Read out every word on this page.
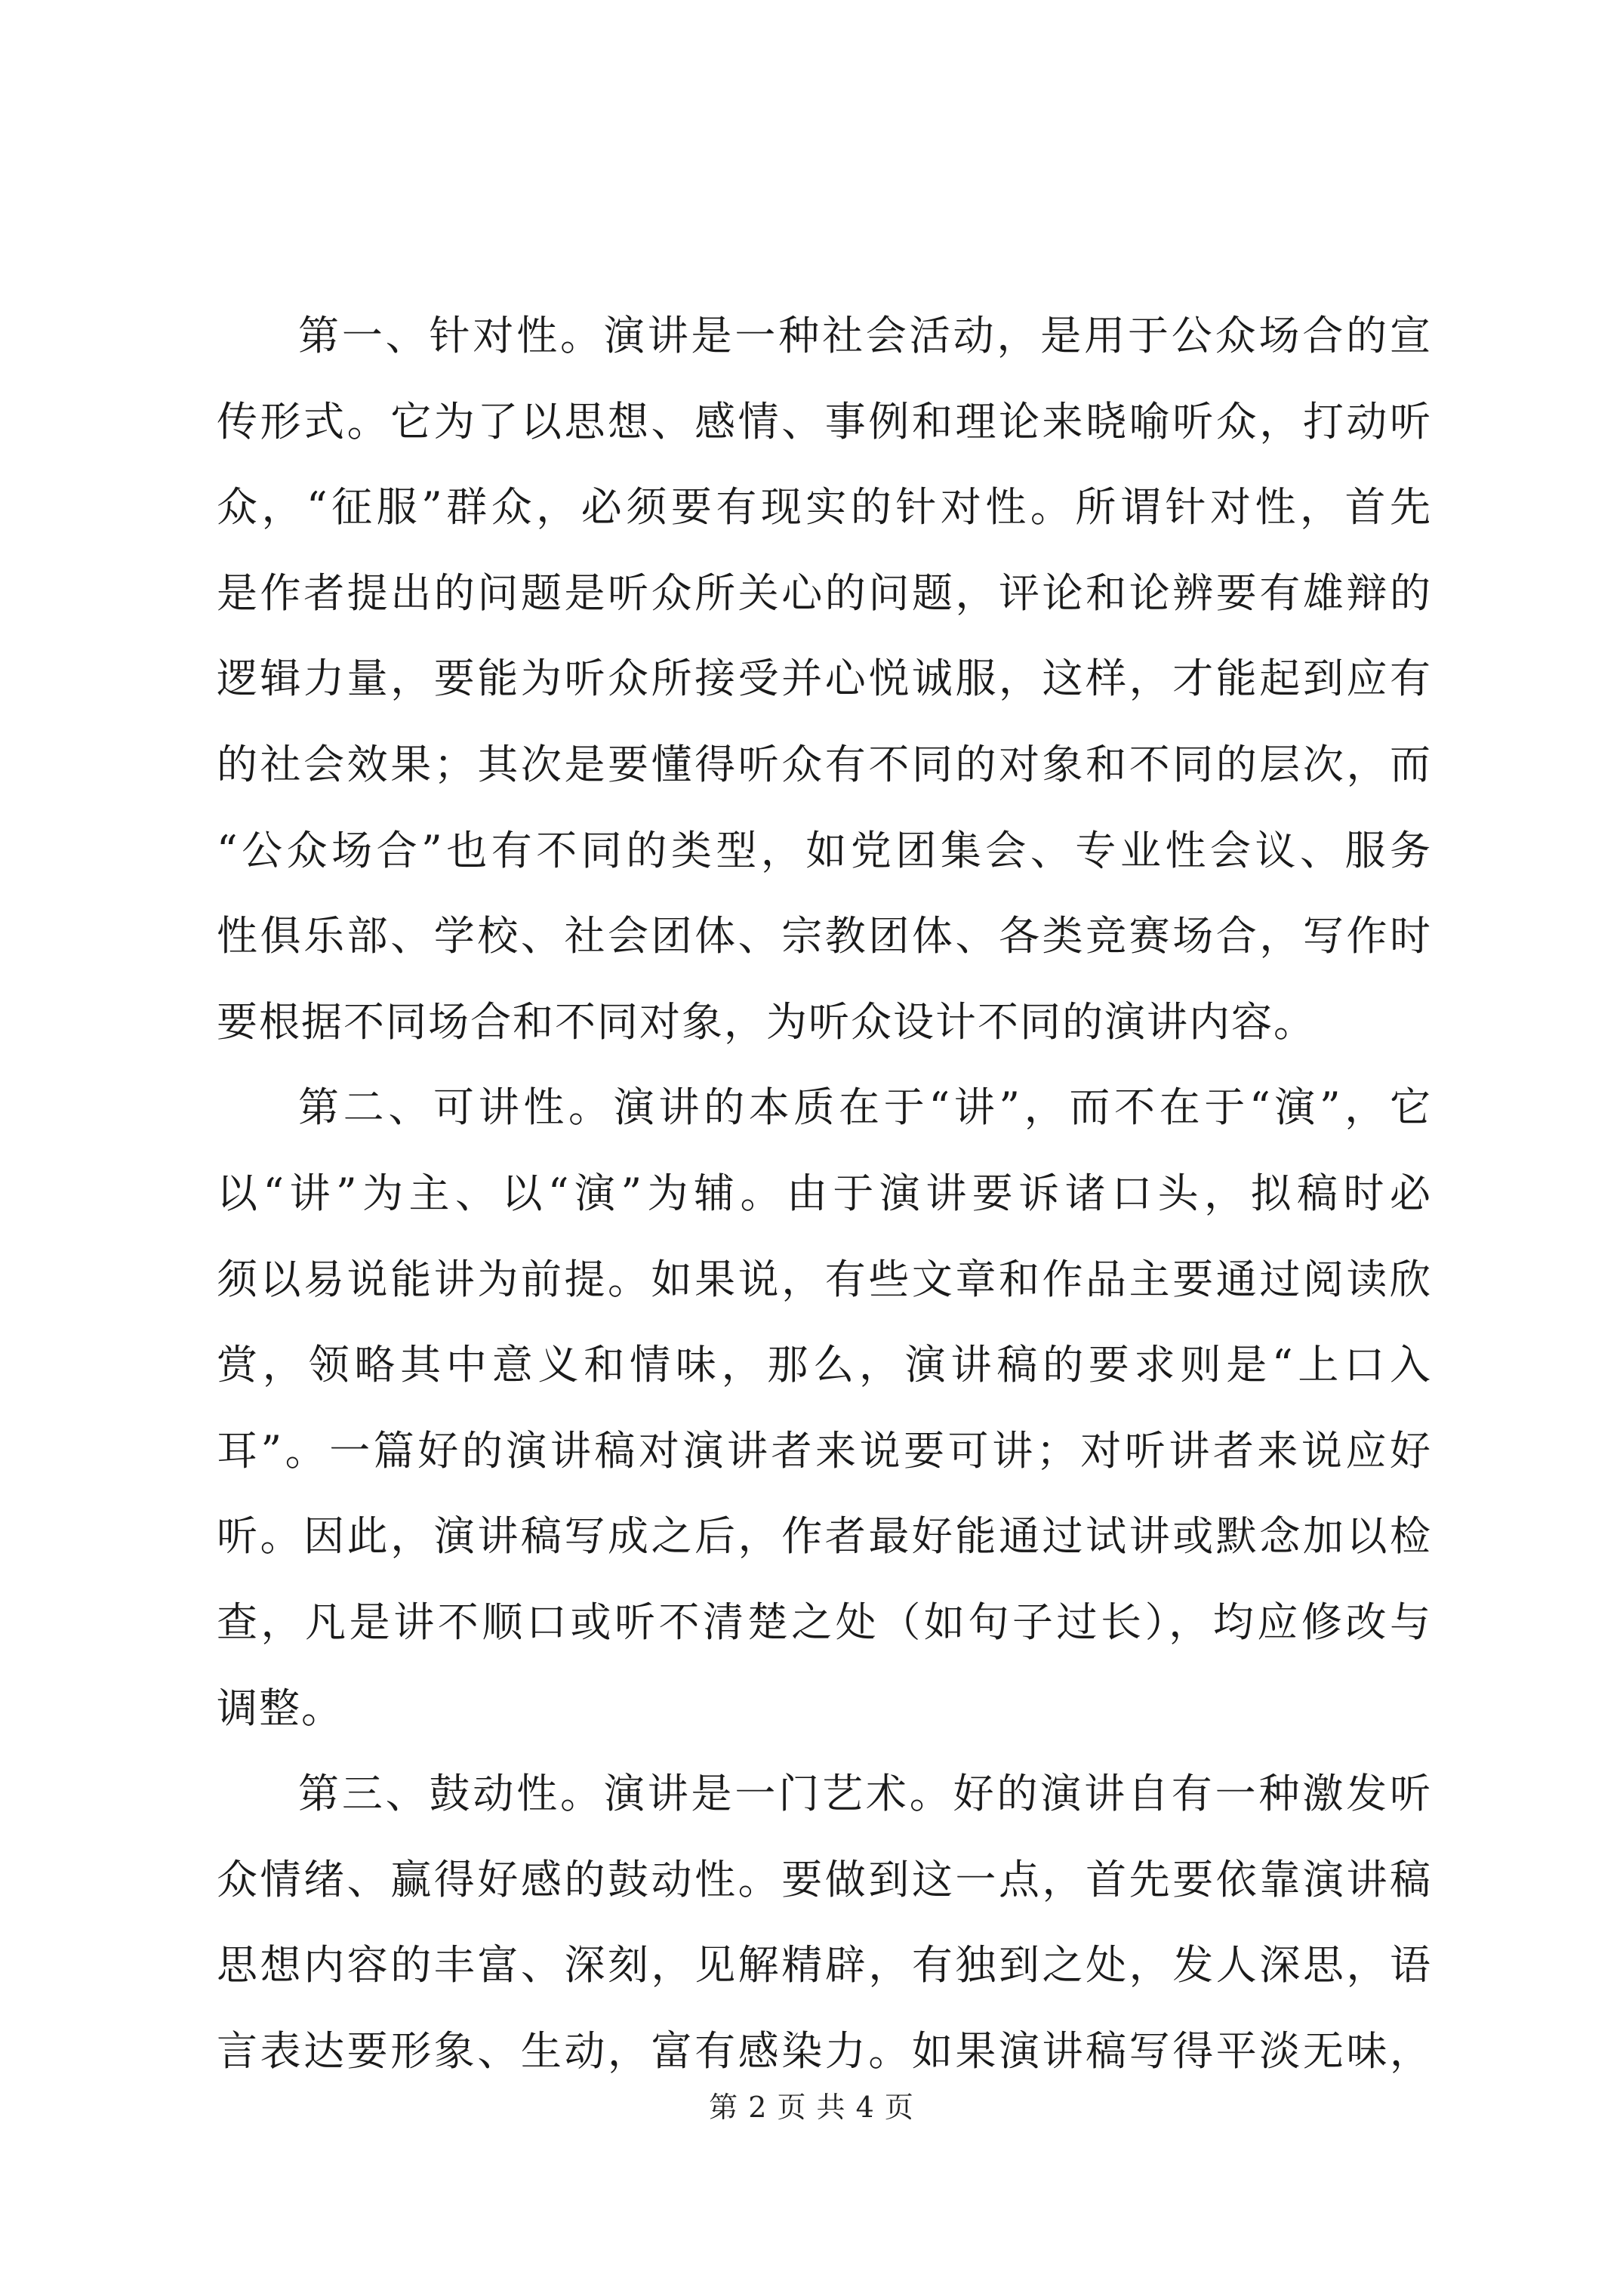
第一、针对性。演讲是一种社会活动，是用于公众场合的宣
传形式。它为了以思想、感情、事例和理论来晓喻听众，打动听
众，“征服”群众，必须要有现实的针对性。所谓针对性，首先
是作者提出的问题是听众所关心的问题，评论和论辨要有雄辩的
逻辑力量，要能为听众所接受并心悦诚服，这样，才能起到应有
的社会效果；其次是要懂得听众有不同的对象和不同的层次，而
“公众场合”也有不同的类型，如党团集会、专业性会议、服务
性俱乐部、学校、社会团体、宗教团体、各类竞赛场合，写作时
要根据不同场合和不同对象，为听众设计不同的演讲内容。
第二、可讲性。演讲的本质在于“讲”，而不在于“演”，它
以“讲”为主、以“演”为辅。由于演讲要诉诸口头，拟稿时必
须以易说能讲为前提。如果说，有些文章和作品主要通过阅读欣
赏，领略其中意义和情味，那么，演讲稿的要求则是“上口入
耳”。一篇好的演讲稿对演讲者来说要可讲；对听讲者来说应好
听。因此，演讲稿写成之后，作者最好能通过试讲或默念加以检
查，凡是讲不顺口或听不清楚之处（如句子过长），均应修改与
调整。
第三、鼓动性。演讲是一门艺术。好的演讲自有一种激发听
众情绪、赢得好感的鼓动性。要做到这一点，首先要依靠演讲稿
思想内容的丰富、深刻，见解精辟，有独到之处，发人深思，语
言表达要形象、生动，富有感染力。如果演讲稿写得平淡无味，
第 2 页 共 4 页
